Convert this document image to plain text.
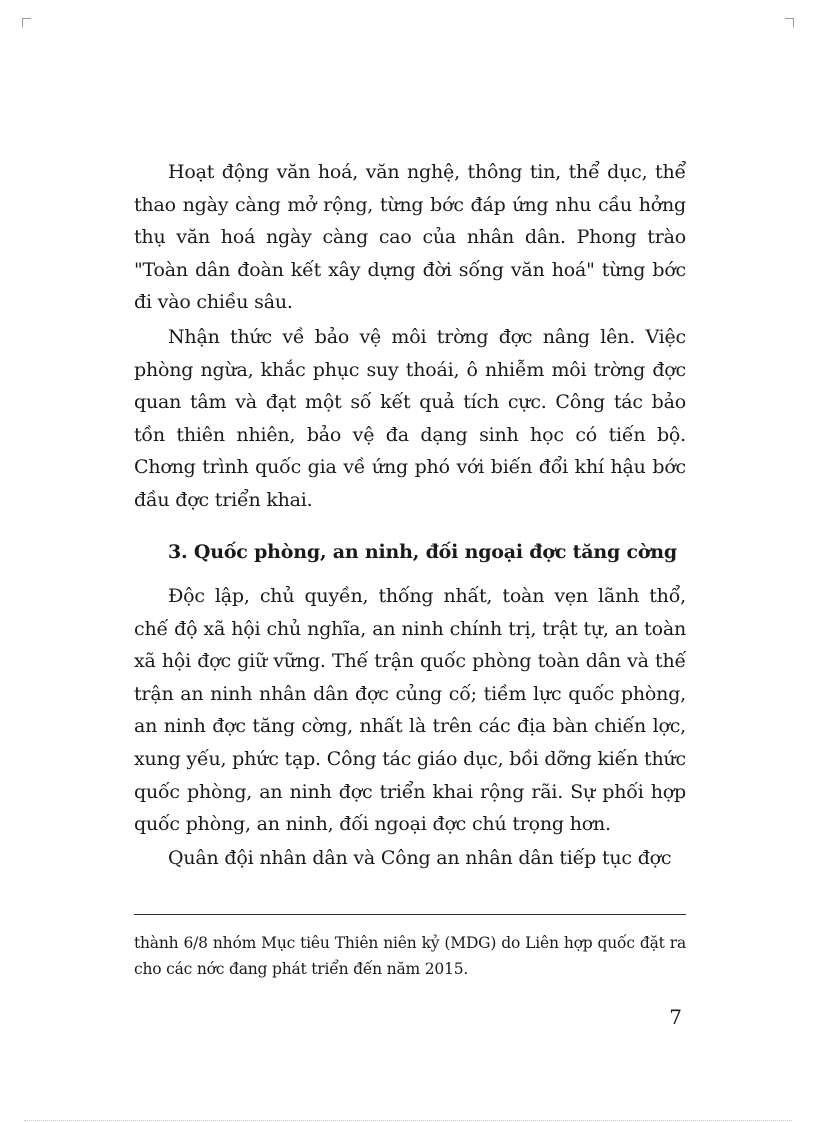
Hoạt động văn hoá, văn nghệ, thông tin, thể dục, thể thao ngày càng mở rộng, từng bớc đáp ứng nhu cầu hởng thụ văn hoá ngày càng cao của nhân dân. Phong trào "Toàn dân đoàn kết xây dựng đời sống văn hoá" từng bớc đi vào chiều sâu.

Nhận thức về bảo vệ môi trờng đợc nâng lên. Việc phòng ngừa, khắc phục suy thoái, ô nhiễm môi trờng đợc quan tâm và đạt một số kết quả tích cực. Công tác bảo tồn thiên nhiên, bảo vệ đa dạng sinh học có tiến bộ. Chơng trình quốc gia về ứng phó với biến đổi khí hậu bớc đầu đợc triển khai.

3. Quốc phòng, an ninh, đối ngoại đợc tăng cờng

Độc lập, chủ quyền, thống nhất, toàn vẹn lãnh thổ, chế độ xã hội chủ nghĩa, an ninh chính trị, trật tự, an toàn xã hội đợc giữ vững. Thế trận quốc phòng toàn dân và thế trận an ninh nhân dân đợc củng cố; tiềm lực quốc phòng, an ninh đợc tăng cờng, nhất là trên các địa bàn chiến lợc, xung yếu, phức tạp. Công tác giáo dục, bồi dỡng kiến thức quốc phòng, an ninh đợc triển khai rộng rãi. Sự phối hợp quốc phòng, an ninh, đối ngoại đợc chú trọng hơn.

Quân đội nhân dân và Công an nhân dân tiếp tục đợc

thành 6/8 nhóm Mục tiêu Thiên niên kỷ (MDG) do Liên hợp quốc đặt ra cho các nớc đang phát triển đến năm 2015.

7
